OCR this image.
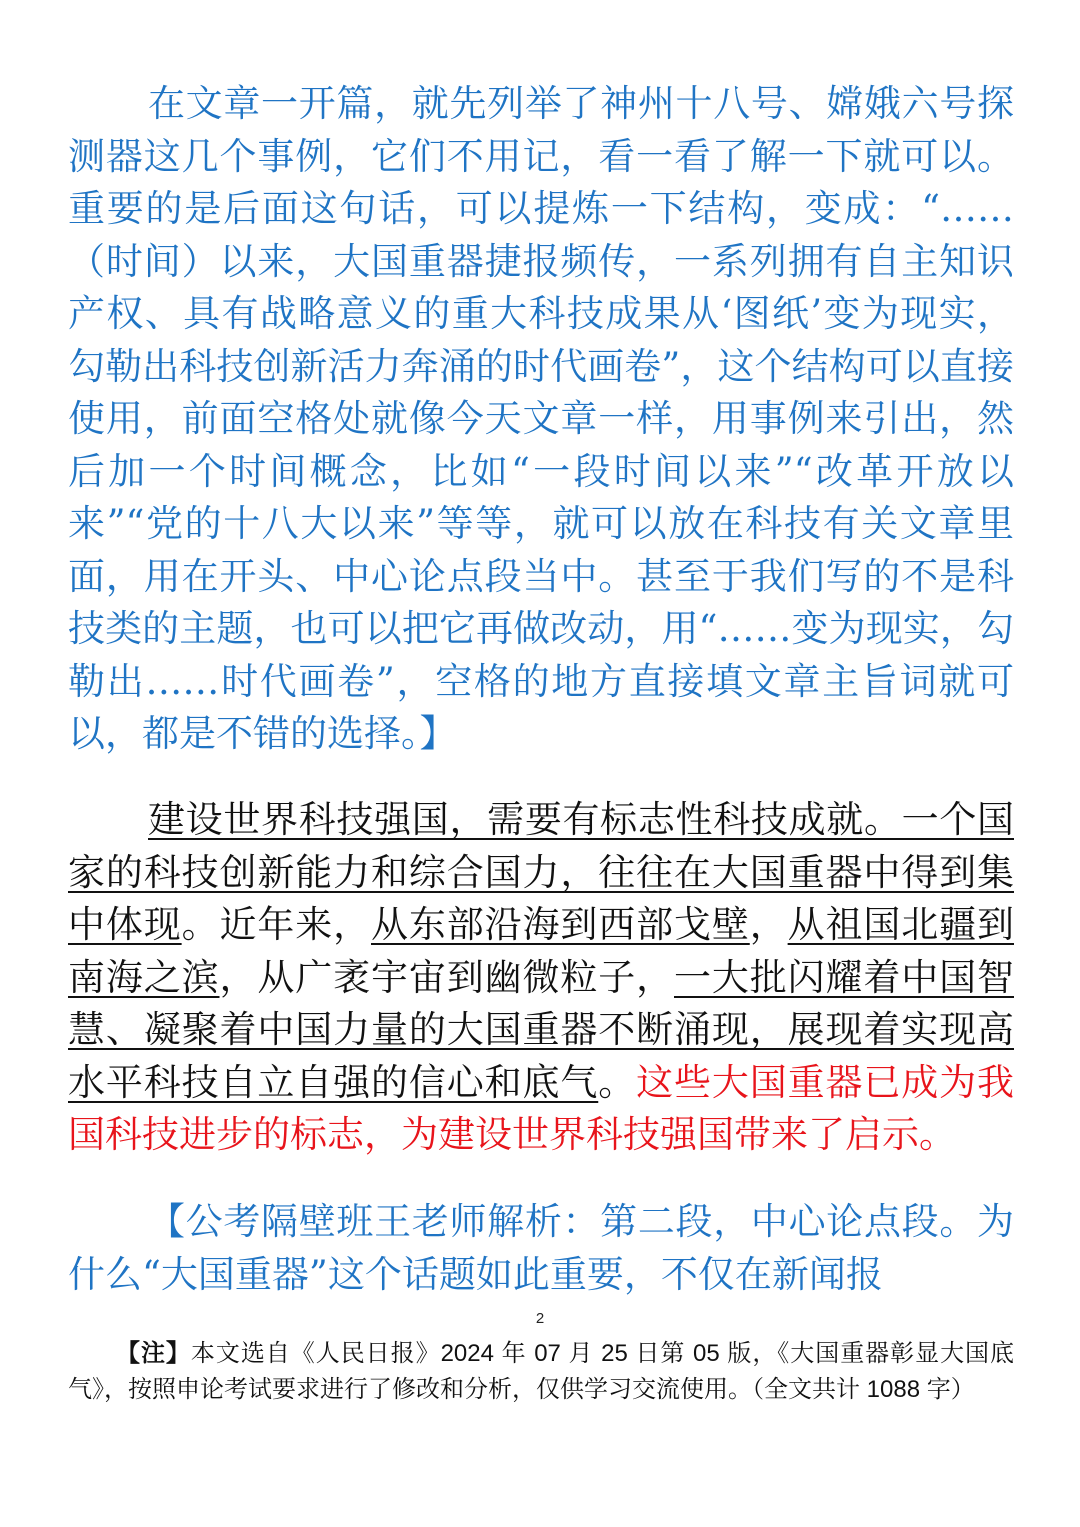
在文章一开篇，就先列举了神州十八号、嫦娥六号探测器这几个事例，它们不用记，看一看了解一下就可以。重要的是后面这句话，可以提炼一下结构，变成：“……（时间）以来，大国重器捷报频传，一系列拥有自主知识产权、具有战略意义的重大科技成果从‘图纸’变为现实，勾勒出科技创新活力奔涌的时代画卷”，这个结构可以直接使用，前面空格处就像今天文章一样，用事例来引出，然后加一个时间概念，比如“一段时间以来”“改革开放以来”“党的十八大以来”等等，就可以放在科技有关文章里面，用在开头、中心论点段当中。甚至于我们写的不是科技类的主题，也可以把它再做改动，用“……变为现实，勾勒出……时代画卷”，空格的地方直接填文章主旨词就可以，都是不错的选择。】

建设世界科技强国，需要有标志性科技成就。一个国家的科技创新能力和综合国力，往往在大国重器中得到集中体现。近年来，从东部沿海到西部戈壁，从祖国北疆到南海之滨，从广袤宇宙到幽微粒子，一大批闪耀着中国智慧、凝聚着中国力量的大国重器不断涌现，展现着实现高水平科技自立自强的信心和底气。这些大国重器已成为我国科技进步的标志，为建设世界科技强国带来了启示。

【公考隔壁班王老师解析：第二段，中心论点段。为什么“大国重器”这个话题如此重要，不仅在新闻报

2
【注】本文选自《人民日报》2024 年 07 月 25 日第 05 版，《大国重器彰显大国底气》，按照申论考试要求进行了修改和分析，仅供学习交流使用。（全文共计 1088 字）
